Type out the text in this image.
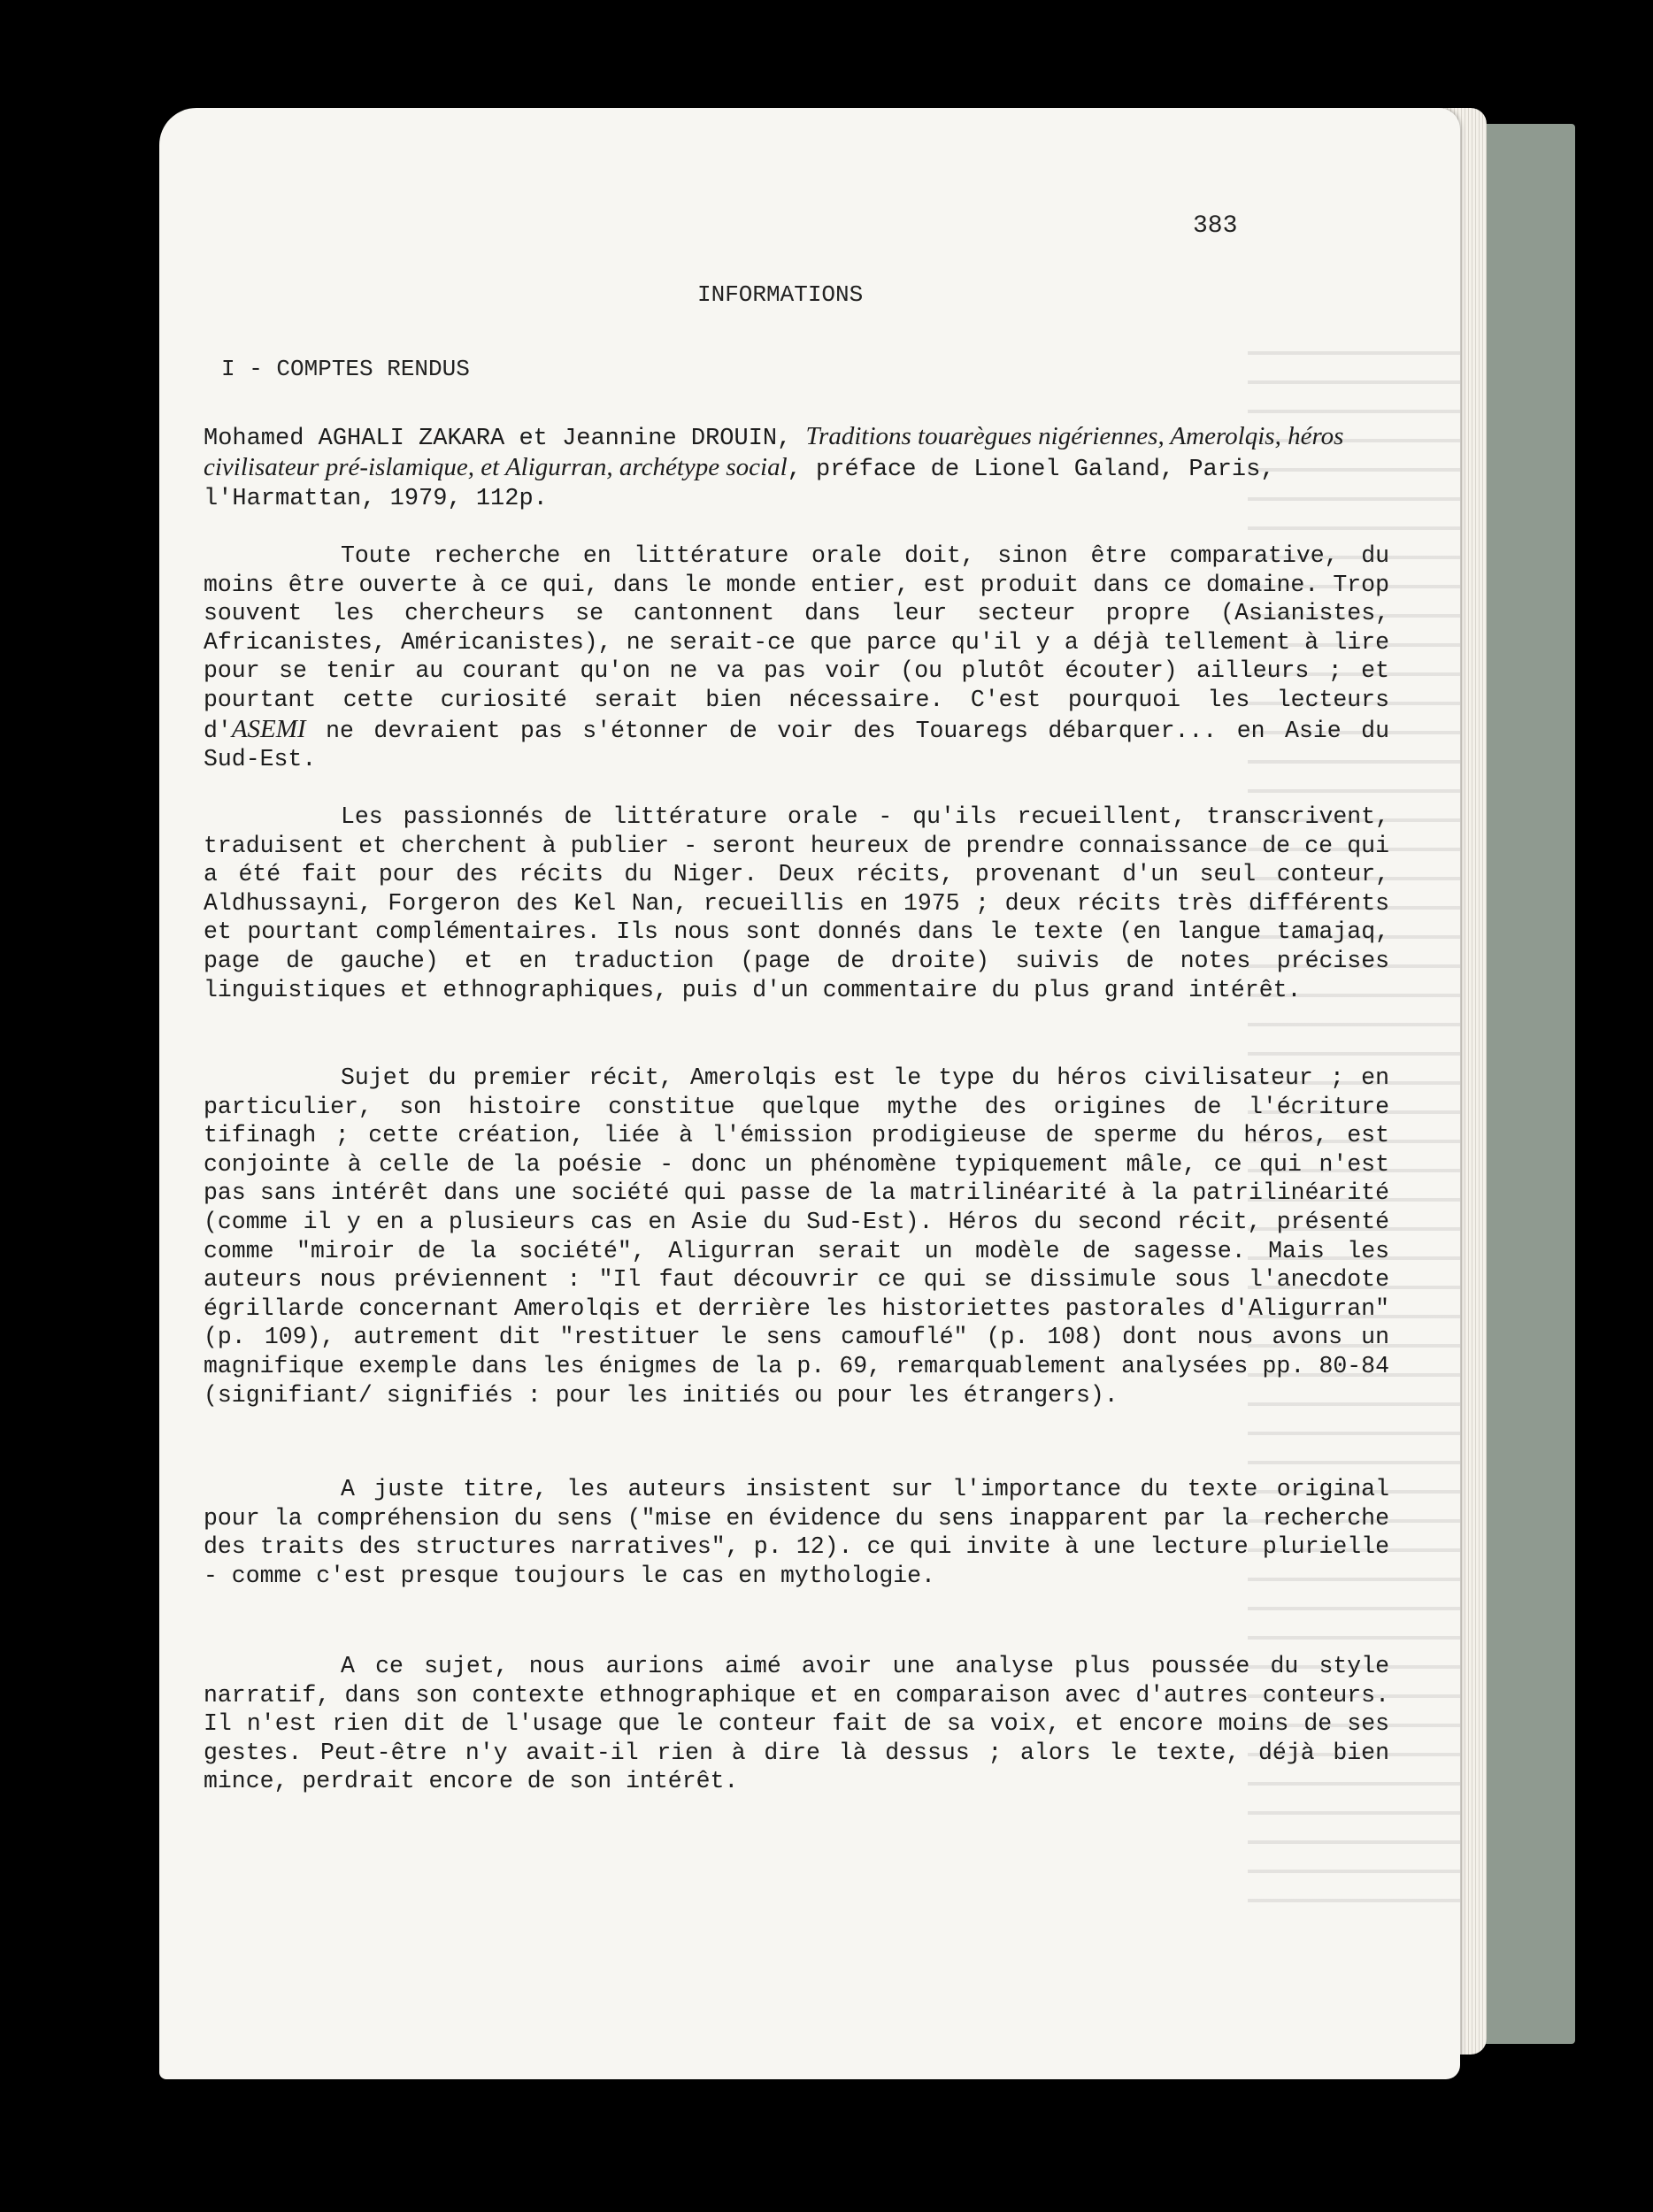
383
INFORMATIONS
I - COMPTES RENDUS

Mohamed AGHALI ZAKARA et Jeannine DROUIN, Traditions touarègues nigériennes, Amerolqis, héros civilisateur pré-islamique, et Aligurran, archétype social, préface de Lionel Galand, Paris, l'Harmattan, 1979, 112p.

Toute recherche en littérature orale doit, sinon être comparative, du moins être ouverte à ce qui, dans le monde entier, est produit dans ce domaine. Trop souvent les chercheurs se cantonnent dans leur secteur propre (Asianistes, Africanistes, Américanistes), ne serait-ce que parce qu'il y a déjà tellement à lire pour se tenir au courant qu'on ne va pas voir (ou plutôt écouter) ailleurs ; et pourtant cette curiosité serait bien nécessaire. C'est pourquoi les lecteurs d'ASEMI ne devraient pas s'étonner de voir des Touaregs débarquer... en Asie du Sud-Est.

Les passionnés de littérature orale - qu'ils recueillent, transcrivent, traduisent et cherchent à publier - seront heureux de prendre connaissance de ce qui a été fait pour des récits du Niger. Deux récits, provenant d'un seul conteur, Aldhussayni, Forgeron des Kel Nan, recueillis en 1975 ; deux récits très différents et pourtant complémentaires. Ils nous sont donnés dans le texte (en langue tamajaq, page de gauche) et en traduction (page de droite) suivis de notes précises linguistiques et ethnographiques, puis d'un commentaire du plus grand intérêt.

Sujet du premier récit, Amerolqis est le type du héros civilisateur ; en particulier, son histoire constitue quelque mythe des origines de l'écriture tifinagh ; cette création, liée à l'émission prodigieuse de sperme du héros, est conjointe à celle de la poésie - donc un phénomène typiquement mâle, ce qui n'est pas sans intérêt dans une société qui passe de la matrilinéarité à la patrilinéarité (comme il y en a plusieurs cas en Asie du Sud-Est). Héros du second récit, présenté comme "miroir de la société", Aligurran serait un modèle de sagesse. Mais les auteurs nous préviennent : "Il faut découvrir ce qui se dissimule sous l'anecdote égrillarde concernant Amerolqis et derrière les historiettes pastorales d'Aligurran" (p. 109), autrement dit "restituer le sens camouflé" (p. 108) dont nous avons un magnifique exemple dans les énigmes de la p. 69, remarquablement analysées pp. 80-84 (signifiant/ signifiés : pour les initiés ou pour les étrangers).

A juste titre, les auteurs insistent sur l'importance du texte original pour la compréhension du sens ("mise en évidence du sens inapparent par la recherche des traits des structures narratives", p. 12). ce qui invite à une lecture plurielle - comme c'est presque toujours le cas en mythologie.

A ce sujet, nous aurions aimé avoir une analyse plus poussée du style narratif, dans son contexte ethnographique et en comparaison avec d'autres conteurs. Il n'est rien dit de l'usage que le conteur fait de sa voix, et encore moins de ses gestes. Peut-être n'y avait-il rien à dire là dessus ; alors le texte, déjà bien mince, perdrait encore de son intérêt.
